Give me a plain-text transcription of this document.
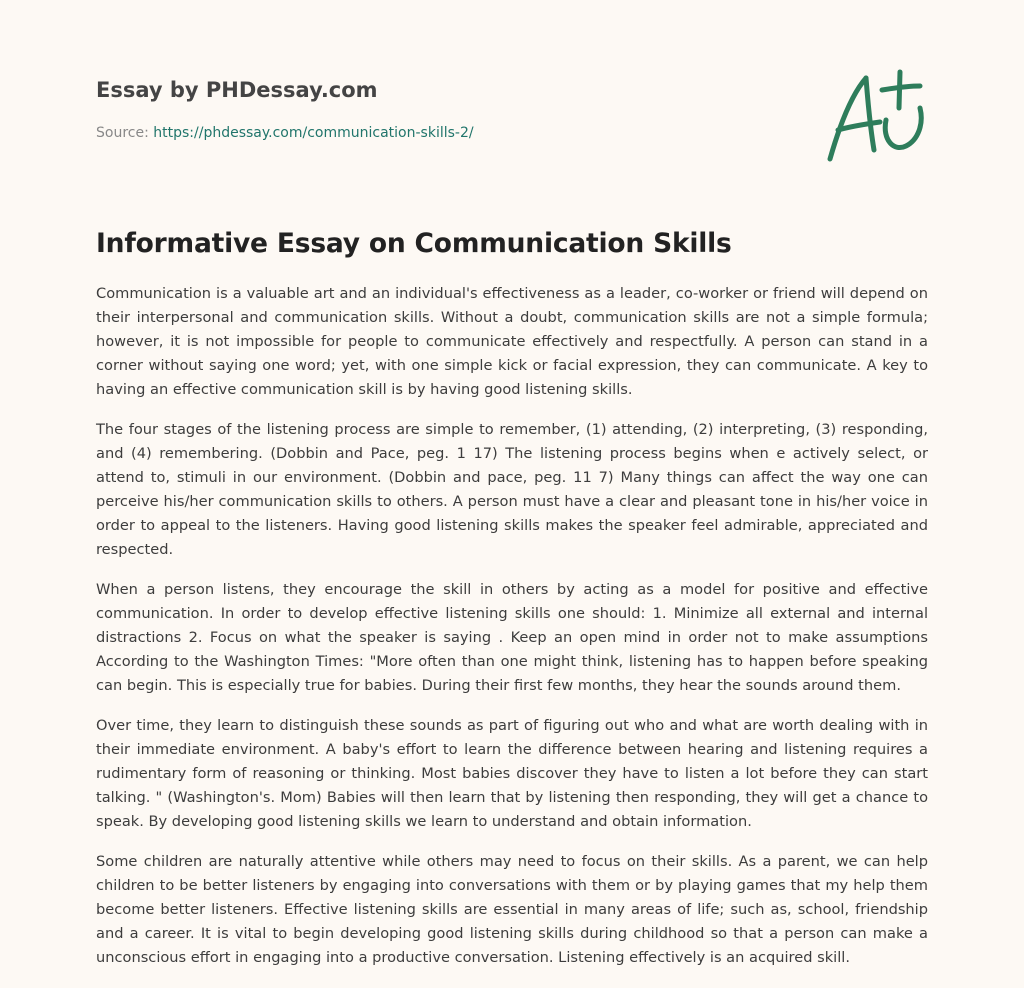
Essay by PHDessay.com
Source: https://phdessay.com/communication-skills-2/
Informative Essay on Communication Skills

Communication is a valuable art and an individual's effectiveness as a leader, co-worker or friend will depend on their interpersonal and communication skills. Without a doubt, communication skills are not a simple formula; however, it is not impossible for people to communicate effectively and respectfully. A person can stand in a corner without saying one word; yet, with one simple kick or facial expression, they can communicate. A key to having an effective communication skill is by having good listening skills.

The four stages of the listening process are simple to remember, (1) attending, (2) interpreting, (3) responding, and (4) remembering. (Dobbin and Pace, peg. 1 17) The listening process begins when e actively select, or attend to, stimuli in our environment. (Dobbin and pace, peg. 11 7) Many things can affect the way one can perceive his/her communication skills to others. A person must have a clear and pleasant tone in his/her voice in order to appeal to the listeners. Having good listening skills makes the speaker feel admirable, appreciated and respected.

When a person listens, they encourage the skill in others by acting as a model for positive and effective communication. In order to develop effective listening skills one should: 1. Minimize all external and internal distractions 2. Focus on what the speaker is saying . Keep an open mind in order not to make assumptions According to the Washington Times: "More often than one might think, listening has to happen before speaking can begin. This is especially true for babies. During their first few months, they hear the sounds around them.

Over time, they learn to distinguish these sounds as part of figuring out who and what are worth dealing with in their immediate environment. A baby's effort to learn the difference between hearing and listening requires a rudimentary form of reasoning or thinking. Most babies discover they have to listen a lot before they can start talking. " (Washington's. Mom) Babies will then learn that by listening then responding, they will get a chance to speak. By developing good listening skills we learn to understand and obtain information.

Some children are naturally attentive while others may need to focus on their skills. As a parent, we can help children to be better listeners by engaging into conversations with them or by playing games that my help them become better listeners. Effective listening skills are essential in many areas of life; such as, school, friendship and a career. It is vital to begin developing good listening skills during childhood so that a person can make a unconscious effort in engaging into a productive conversation. Listening effectively is an acquired skill.
